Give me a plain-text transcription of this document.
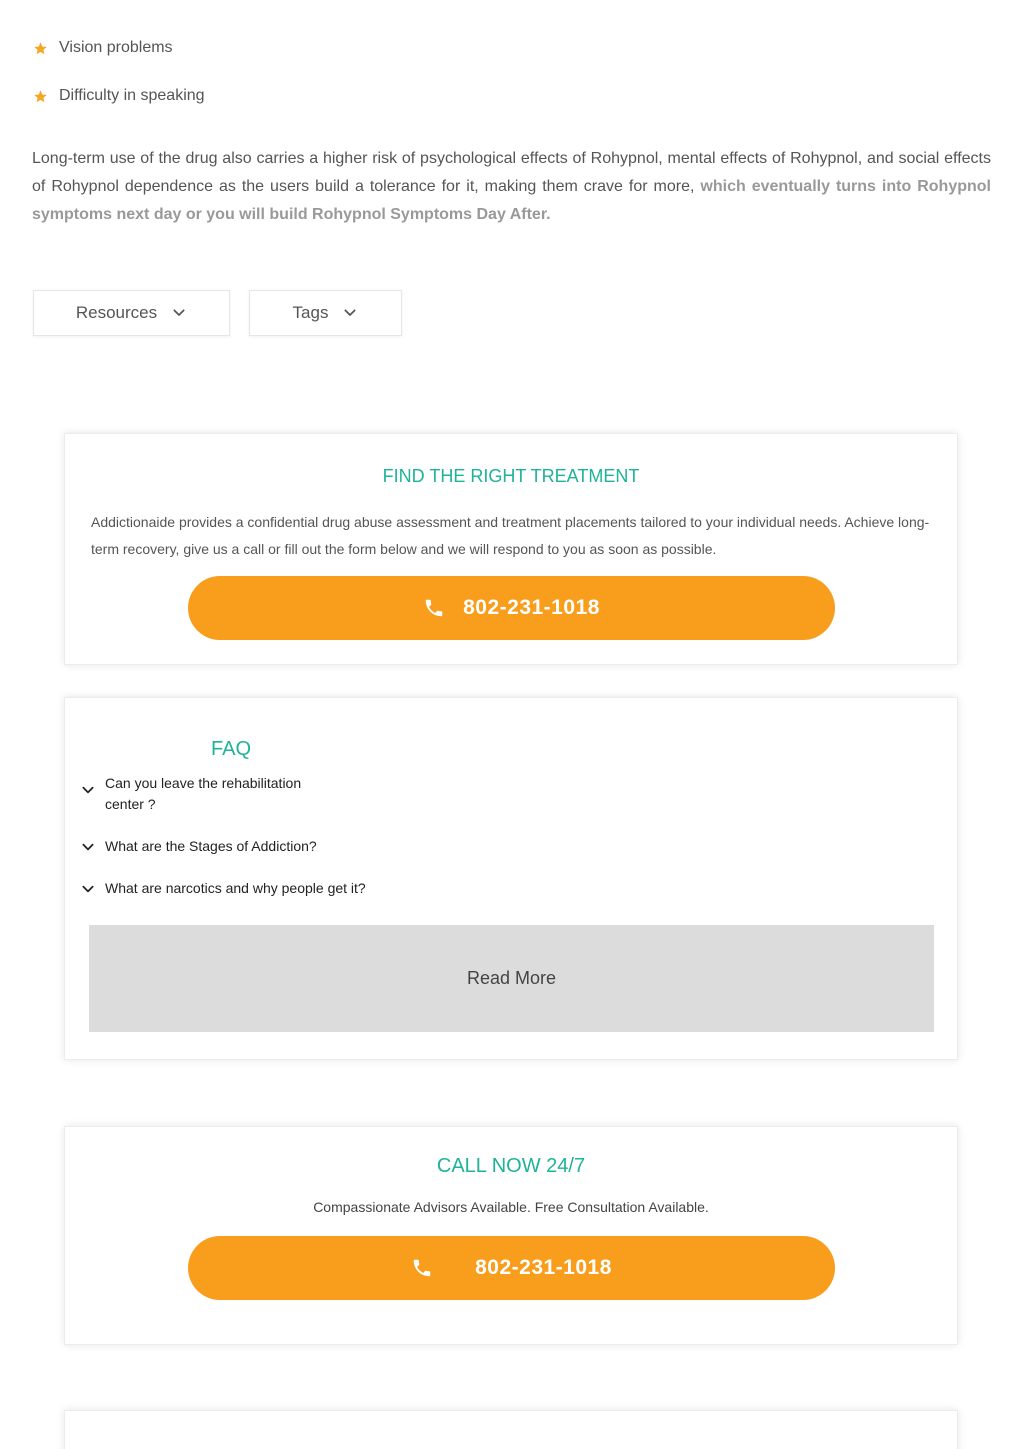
Vision problems
Difficulty in speaking

Long-term use of the drug also carries a higher risk of psychological effects of Rohypnol, mental effects of Rohypnol, and social effects of Rohypnol dependence as the users build a tolerance for it, making them crave for more, which eventually turns into Rohypnol symptoms next day or you will build Rohypnol Symptoms Day After.

Resources	Tags
FIND THE RIGHT TREATMENT

Addictionaide provides a confidential drug abuse assessment and treatment placements tailored to your individual needs. Achieve long-term recovery, give us a call or fill out the form below and we will respond to you as soon as possible.

802-231-1018
FAQ
Can you leave the rehabilitation center ?
What are the Stages of Addiction?
What are narcotics and why people get it?
Read More
CALL NOW 24/7

Compassionate Advisors Available. Free Consultation Available.

802-231-1018
